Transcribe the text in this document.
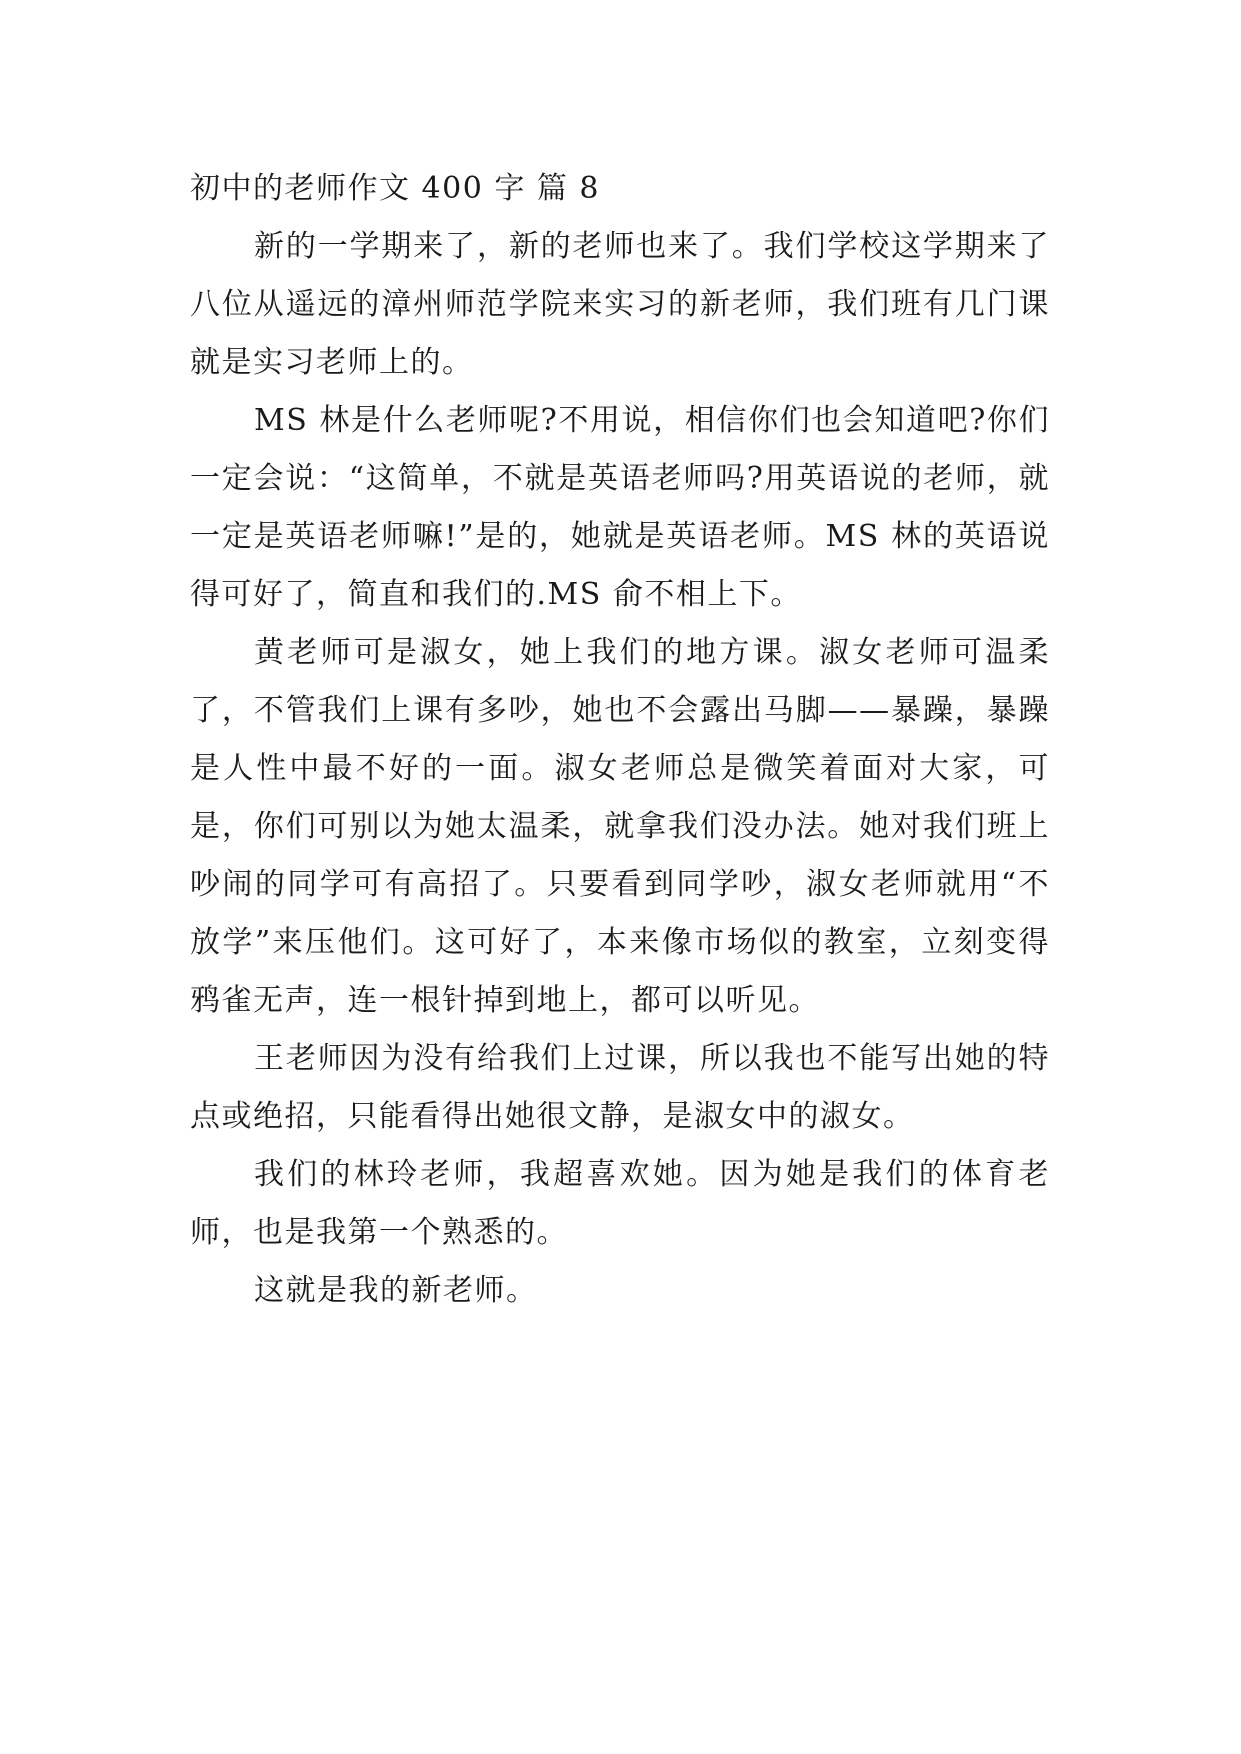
初中的老师作文 400 字 篇 8

新的一学期来了，新的老师也来了。我们学校这学期来了八位从遥远的漳州师范学院来实习的新老师，我们班有几门课就是实习老师上的。

MS 林是什么老师呢?不用说，相信你们也会知道吧?你们一定会说：“这简单，不就是英语老师吗?用英语说的老师，就一定是英语老师嘛!”是的，她就是英语老师。MS 林的英语说得可好了，简直和我们的.MS 俞不相上下。

黄老师可是淑女，她上我们的地方课。淑女老师可温柔了，不管我们上课有多吵，她也不会露出马脚——暴躁，暴躁是人性中最不好的一面。淑女老师总是微笑着面对大家，可是，你们可别以为她太温柔，就拿我们没办法。她对我们班上吵闹的同学可有高招了。只要看到同学吵，淑女老师就用“不放学”来压他们。这可好了，本来像市场似的教室，立刻变得鸦雀无声，连一根针掉到地上，都可以听见。

王老师因为没有给我们上过课，所以我也不能写出她的特点或绝招，只能看得出她很文静，是淑女中的淑女。

我们的林玲老师，我超喜欢她。因为她是我们的体育老师，也是我第一个熟悉的。

这就是我的新老师。
